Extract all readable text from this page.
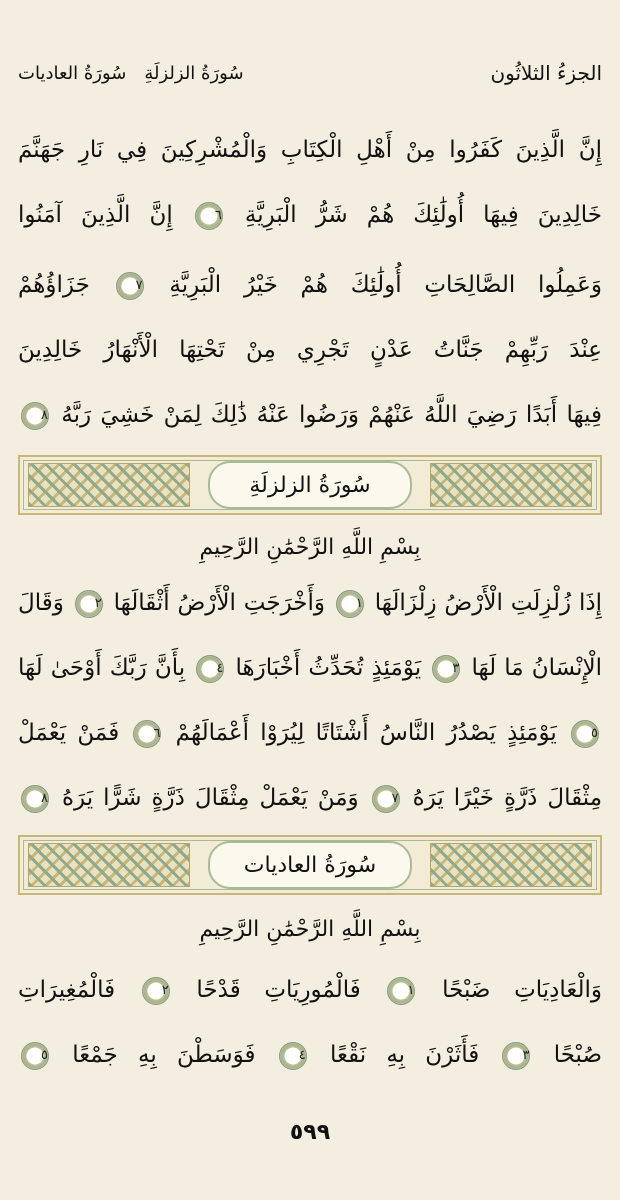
الجزءُ الثلاثُون
سُورَةُ الزلزلَةِ
سُورَةُ العاديات
إِنَّ الَّذِينَ كَفَرُوا مِنْ أَهْلِ الْكِتَابِ وَالْمُشْرِكِينَ فِي نَارِ جَهَنَّمَ
خَالِدِينَ فِيهَا أُولَٰئِكَ هُمْ شَرُّ الْبَرِيَّةِ ٦ إِنَّ الَّذِينَ آمَنُوا
وَعَمِلُوا الصَّالِحَاتِ أُولَٰئِكَ هُمْ خَيْرُ الْبَرِيَّةِ ٧ جَزَاؤُهُمْ
عِنْدَ رَبِّهِمْ جَنَّاتُ عَدْنٍ تَجْرِي مِنْ تَحْتِهَا الْأَنْهَارُ خَالِدِينَ
فِيهَا أَبَدًا رَضِيَ اللَّهُ عَنْهُمْ وَرَضُوا عَنْهُ ذَٰلِكَ لِمَنْ خَشِيَ رَبَّهُ ٨
سُورَةُ الزلزلَةِ
بِسْمِ اللَّهِ الرَّحْمَٰنِ الرَّحِيمِ
إِذَا زُلْزِلَتِ الْأَرْضُ زِلْزَالَهَا ١ وَأَخْرَجَتِ الْأَرْضُ أَثْقَالَهَا ٢ وَقَالَ
الْإِنْسَانُ مَا لَهَا ٣ يَوْمَئِذٍ تُحَدِّثُ أَخْبَارَهَا ٤ بِأَنَّ رَبَّكَ أَوْحَىٰ لَهَا
٥ يَوْمَئِذٍ يَصْدُرُ النَّاسُ أَشْتَاتًا لِيُرَوْا أَعْمَالَهُمْ ٦ فَمَنْ يَعْمَلْ
مِثْقَالَ ذَرَّةٍ خَيْرًا يَرَهُ ٧ وَمَنْ يَعْمَلْ مِثْقَالَ ذَرَّةٍ شَرًّا يَرَهُ ٨
سُورَةُ العاديات
بِسْمِ اللَّهِ الرَّحْمَٰنِ الرَّحِيمِ
وَالْعَادِيَاتِ ضَبْحًا ١ فَالْمُورِيَاتِ قَدْحًا ٢ فَالْمُغِيرَاتِ
صُبْحًا ٣ فَأَثَرْنَ بِهِ نَقْعًا ٤ فَوَسَطْنَ بِهِ جَمْعًا ٥
٥٩٩
